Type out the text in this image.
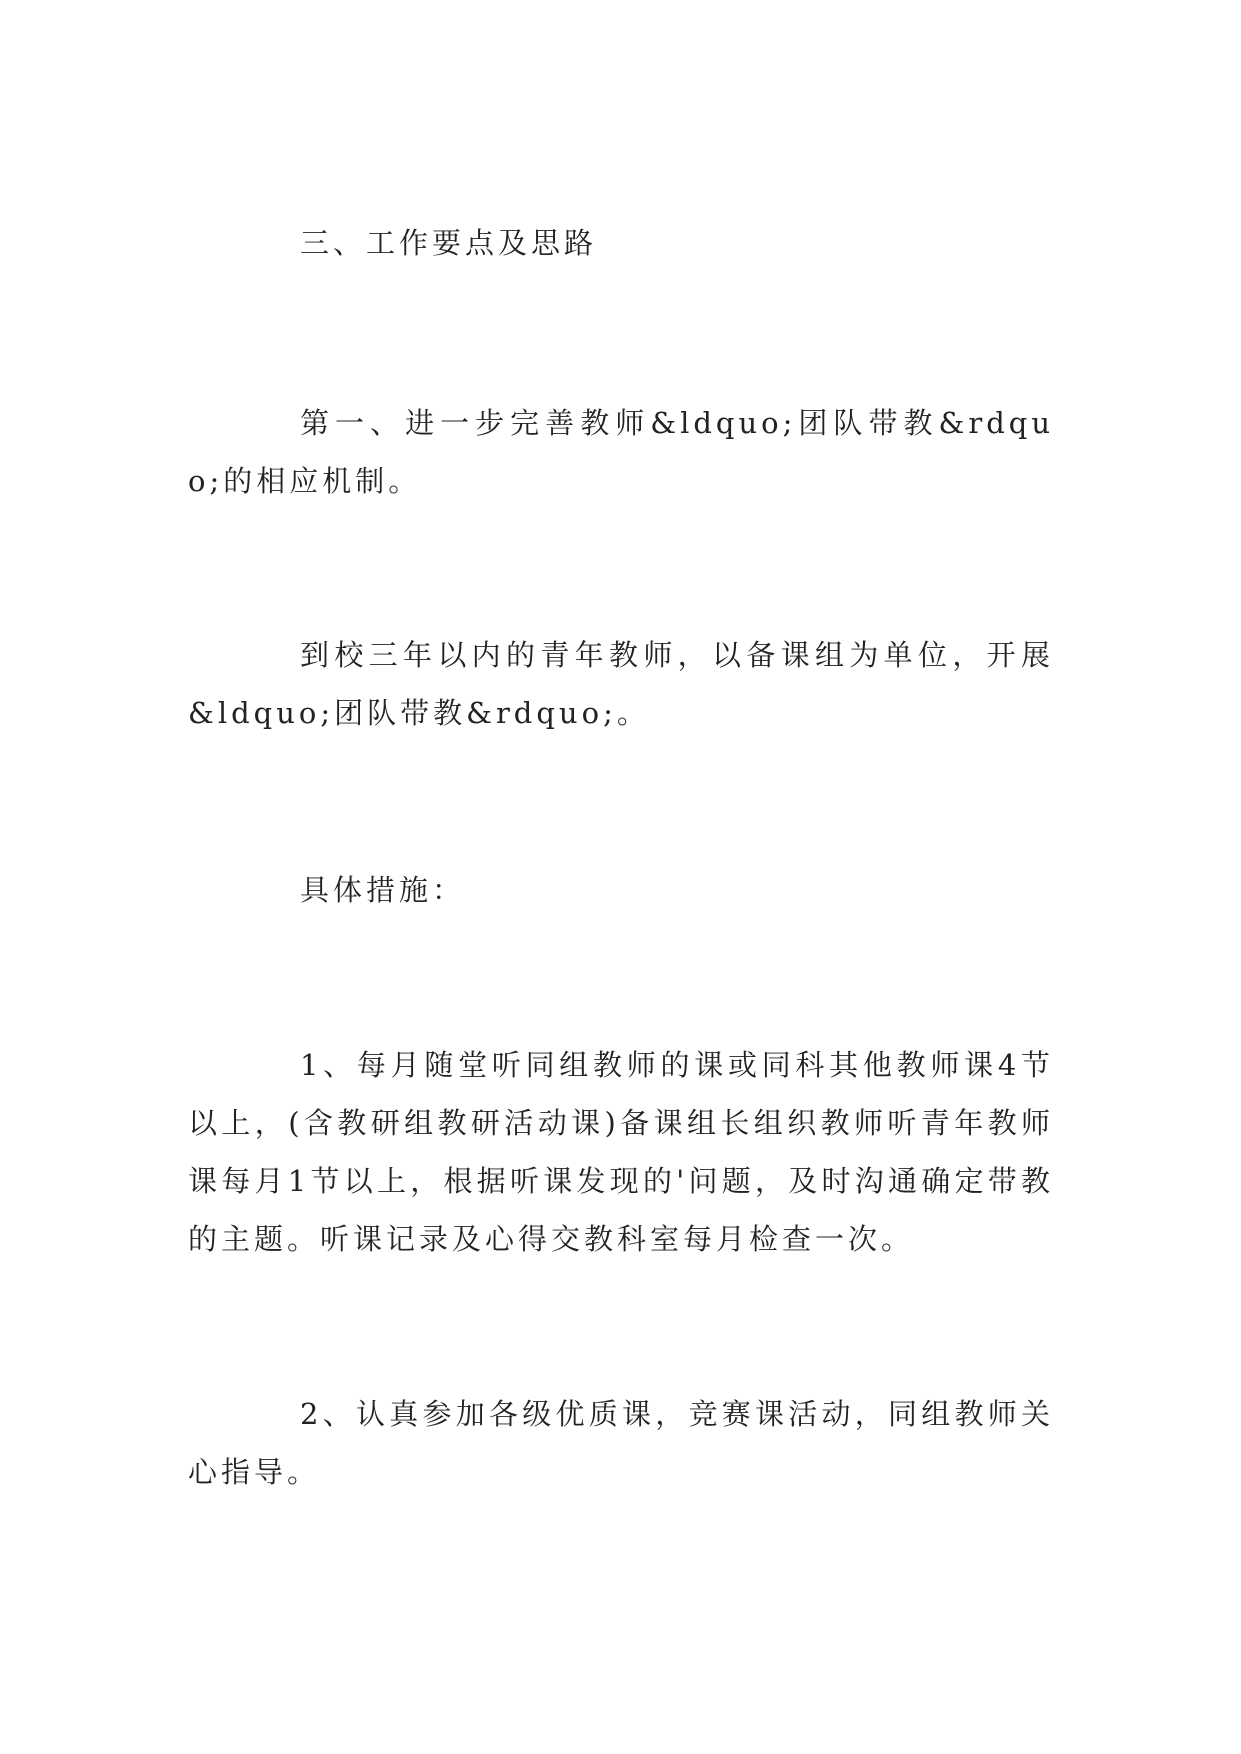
三、工作要点及思路

第一、进一步完善教师&ldquo;团队带教&rdquo;的相应机制。

到校三年以内的青年教师，以备课组为单位，开展&ldquo;团队带教&rdquo;。

具体措施：

1、每月随堂听同组教师的课或同科其他教师课4节以上，(含教研组教研活动课)备课组长组织教师听青年教师课每月1节以上，根据听课发现的'问题，及时沟通确定带教的主题。听课记录及心得交教科室每月检查一次。

2、认真参加各级优质课，竞赛课活动，同组教师关心指导。
